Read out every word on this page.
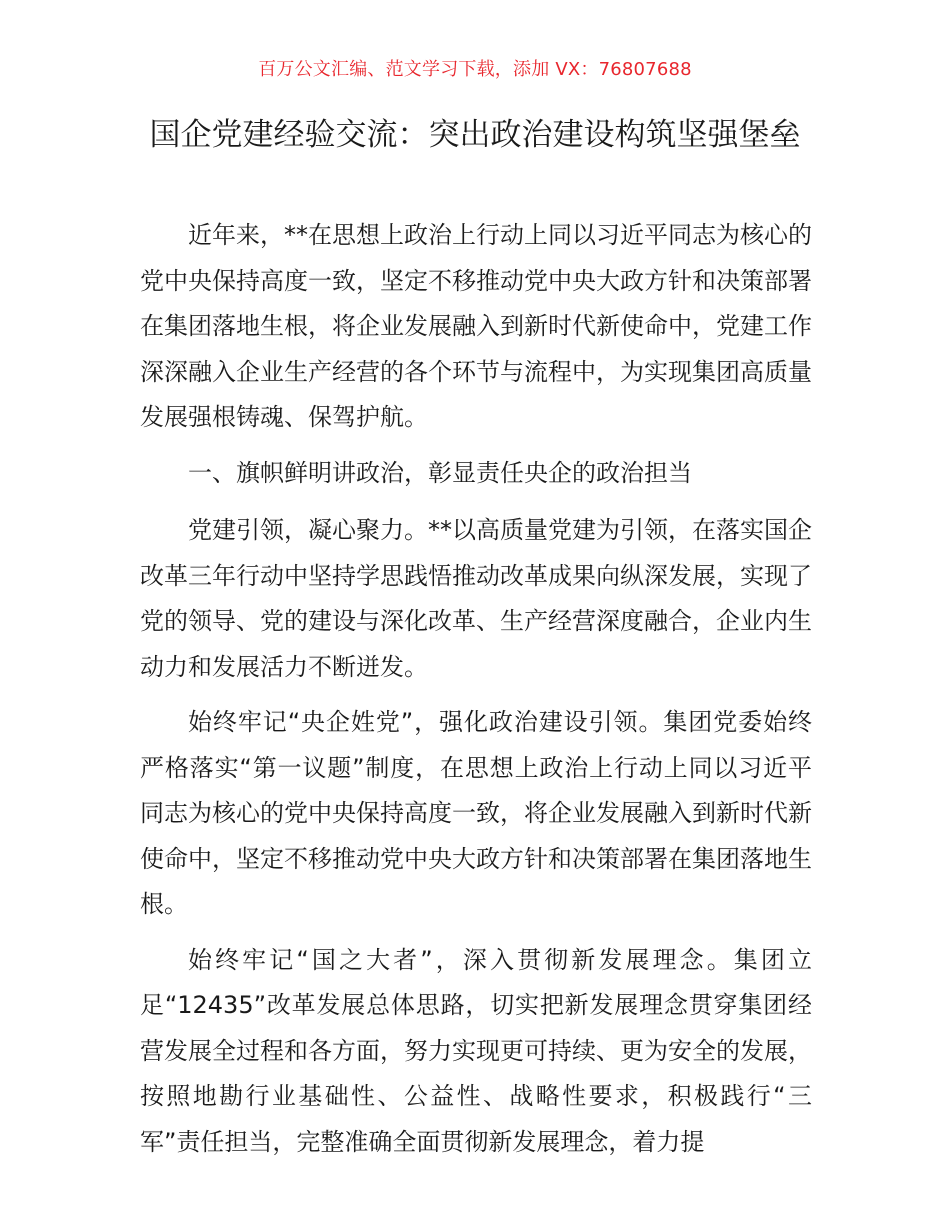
百万公文汇编、范文学习下载，添加 VX：76807688
国企党建经验交流：突出政治建设构筑坚强堡垒

近年来，**在思想上政治上行动上同以习近平同志为核心的党中央保持高度一致，坚定不移推动党中央大政方针和决策部署在集团落地生根，将企业发展融入到新时代新使命中，党建工作深深融入企业生产经营的各个环节与流程中，为实现集团高质量发展强根铸魂、保驾护航。

一、旗帜鲜明讲政治，彰显责任央企的政治担当

党建引领，凝心聚力。**以高质量党建为引领，在落实国企改革三年行动中坚持学思践悟推动改革成果向纵深发展，实现了党的领导、党的建设与深化改革、生产经营深度融合，企业内生动力和发展活力不断迸发。

始终牢记“央企姓党”，强化政治建设引领。集团党委始终严格落实“第一议题”制度，在思想上政治上行动上同以习近平同志为核心的党中央保持高度一致，将企业发展融入到新时代新使命中，坚定不移推动党中央大政方针和决策部署在集团落地生根。

始终牢记“国之大者”，深入贯彻新发展理念。集团立足“12435”改革发展总体思路，切实把新发展理念贯穿集团经营发展全过程和各方面，努力实现更可持续、更为安全的发展，按照地勘行业基础性、公益性、战略性要求，积极践行“三军”责任担当，完整准确全面贯彻新发展理念，着力提
